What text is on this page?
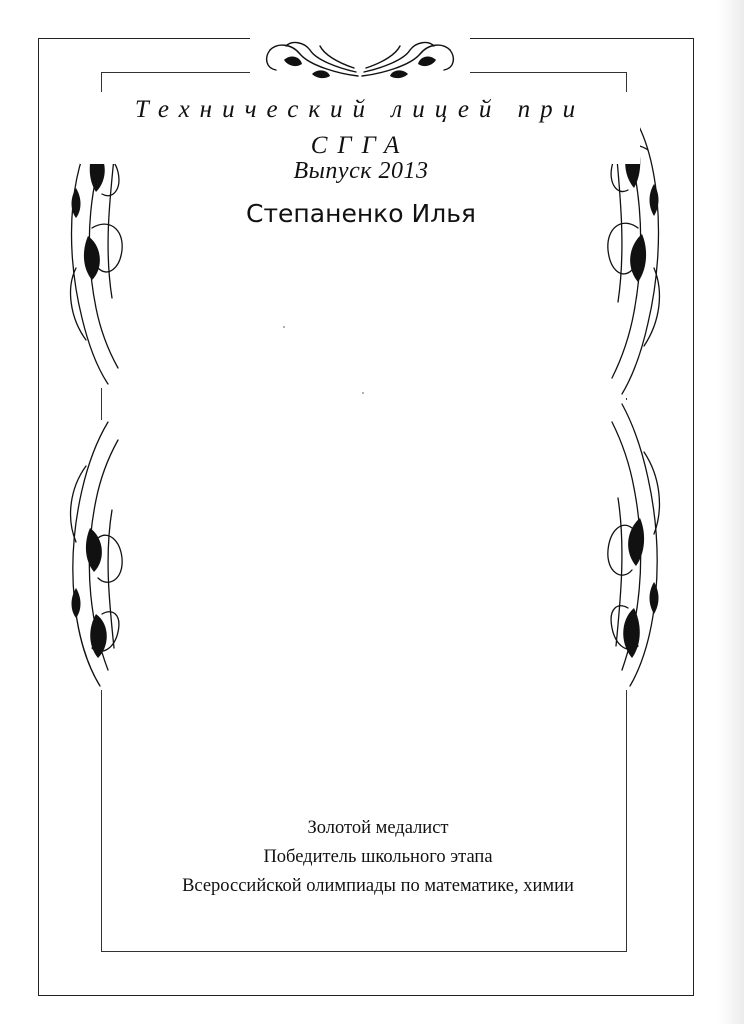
Технический лицей при СГГА
Выпуск 2013
Степаненко Илья
Золотой медалист
Победитель школьного этапа
Всероссийской олимпиады по математике, химии
